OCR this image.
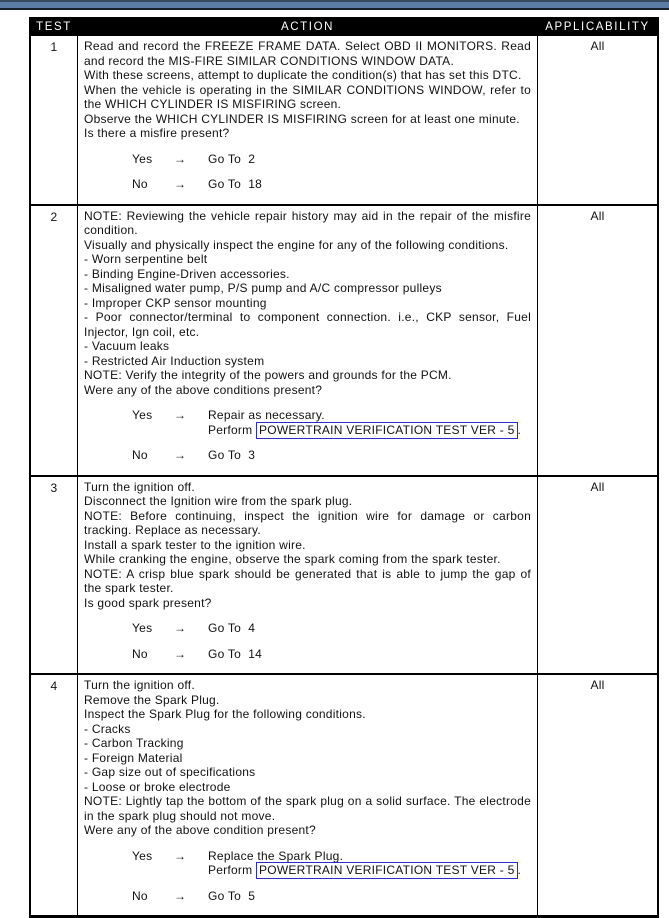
TEST	ACTION	APPLICABILITY
1	Read and record the FREEZE FRAME DATA. Select OBD II MONITORS. Read and record the MIS-FIRE SIMILAR CONDITIONS WINDOW DATA.

With these screens, attempt to duplicate the condition(s) that has set this DTC.

When the vehicle is operating in the SIMILAR CONDITIONS WINDOW, refer to the WHICH CYLINDER IS MISFIRING screen.

Observe the WHICH CYLINDER IS MISFIRING screen for at least one minute.

Is there a misfire present?

Yes	→	Go To  2
No	→	Go To  18
All
2	NOTE: Reviewing the vehicle repair history may aid in the repair of the misfire condition.

Visually and physically inspect the engine for any of the following conditions.

- Worn serpentine belt

- Binding Engine-Driven accessories.

- Misaligned water pump, P/S pump and A/C compressor pulleys

- Improper CKP sensor mounting

- Poor connector/terminal to component connection. i.e., CKP sensor, Fuel Injector, Ign coil, etc.

- Vacuum leaks

- Restricted Air Induction system

NOTE: Verify the integrity of the powers and grounds for the PCM.

Were any of the above conditions present?

Yes	→	Repair as necessary.
Perform POWERTRAIN VERIFICATION TEST VER - 5 .
No	→	Go To  3
All
3	Turn the ignition off.

Disconnect the Ignition wire from the spark plug.

NOTE: Before continuing, inspect the ignition wire for damage or carbon tracking. Replace as necessary.

Install a spark tester to the ignition wire.

While cranking the engine, observe the spark coming from the spark tester.

NOTE: A crisp blue spark should be generated that is able to jump the gap of the spark tester.

Is good spark present?

Yes	→	Go To  4
No	→	Go To  14
All
4	Turn the ignition off.

Remove the Spark Plug.

Inspect the Spark Plug for the following conditions.

- Cracks

- Carbon Tracking

- Foreign Material

- Gap size out of specifications

- Loose or broke electrode

NOTE: Lightly tap the bottom of the spark plug on a solid surface. The electrode in the spark plug should not move.

Were any of the above condition present?

Yes	→	Replace the Spark Plug.
Perform POWERTRAIN VERIFICATION TEST VER - 5 .
No	→	Go To  5
All
